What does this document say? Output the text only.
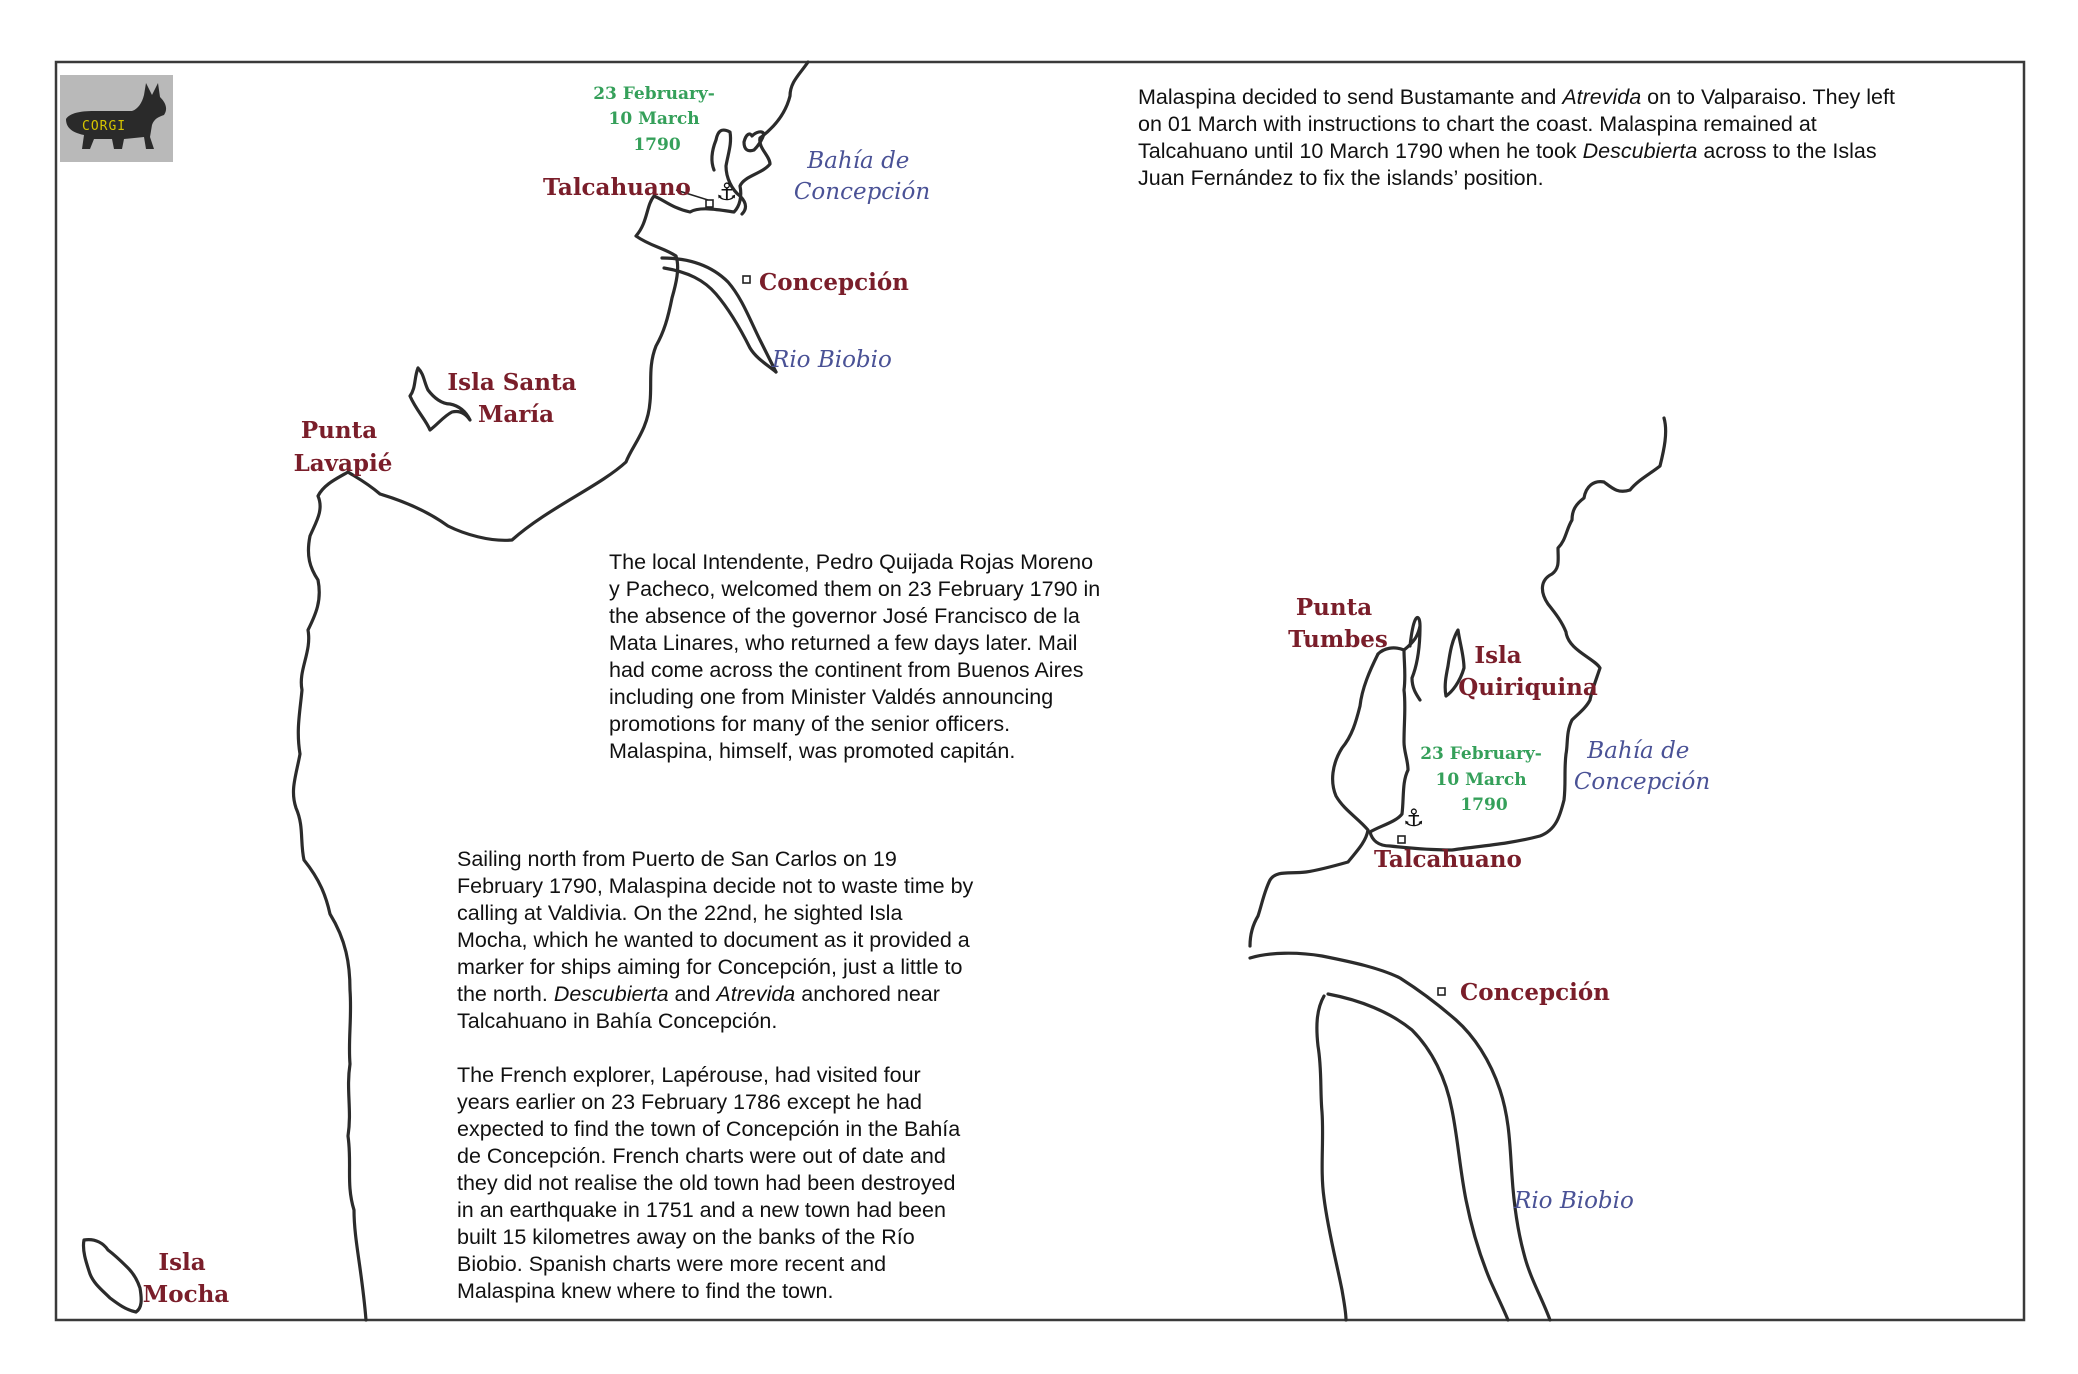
⚓
23 February- 10 March 1790
Talcahuano
Bahía de Concepción
Concepción
Rio Biobio
Isla Santa María
Punta Lavapié
Isla Mocha
⚓
Punta Tumbes
Isla Quiriquina
23 February- 10 March 1790
Bahía de Concepción
Talcahuano
Concepción
Rio Biobio
CORGI
Malaspina decided to send Bustamante and Atrevida on to Valparaiso. They left
on 01 March with instructions to chart the coast. Malaspina remained at
Talcahuano until 10 March 1790 when he took Descubierta across to the Islas
Juan Fernández to fix the islands’ position.
The local Intendente, Pedro Quijada Rojas Moreno
y Pacheco, welcomed them on 23 February 1790 in
the absence of the governor José Francisco de la
Mata Linares, who returned a few days later. Mail
had come across the continent from Buenos Aires
including one from Minister Valdés announcing
promotions for many of the senior officers.
Malaspina, himself, was promoted capitán.
Sailing north from Puerto de San Carlos on 19
February 1790, Malaspina decide not to waste time by
calling at Valdivia. On the 22nd, he sighted Isla
Mocha, which he wanted to document as it provided a
marker for ships aiming for Concepción, just a little to
the north. Descubierta and Atrevida anchored near
Talcahuano in Bahía Concepción.
The French explorer, Lapérouse, had visited four
years earlier on 23 February 1786 except he had
expected to find the town of Concepción in the Bahía
de Concepción. French charts were out of date and
they did not realise the old town had been destroyed
in an earthquake in 1751 and a new town had been
built 15 kilometres away on the banks of the Río
Biobio. Spanish charts were more recent and
Malaspina knew where to find the town.
